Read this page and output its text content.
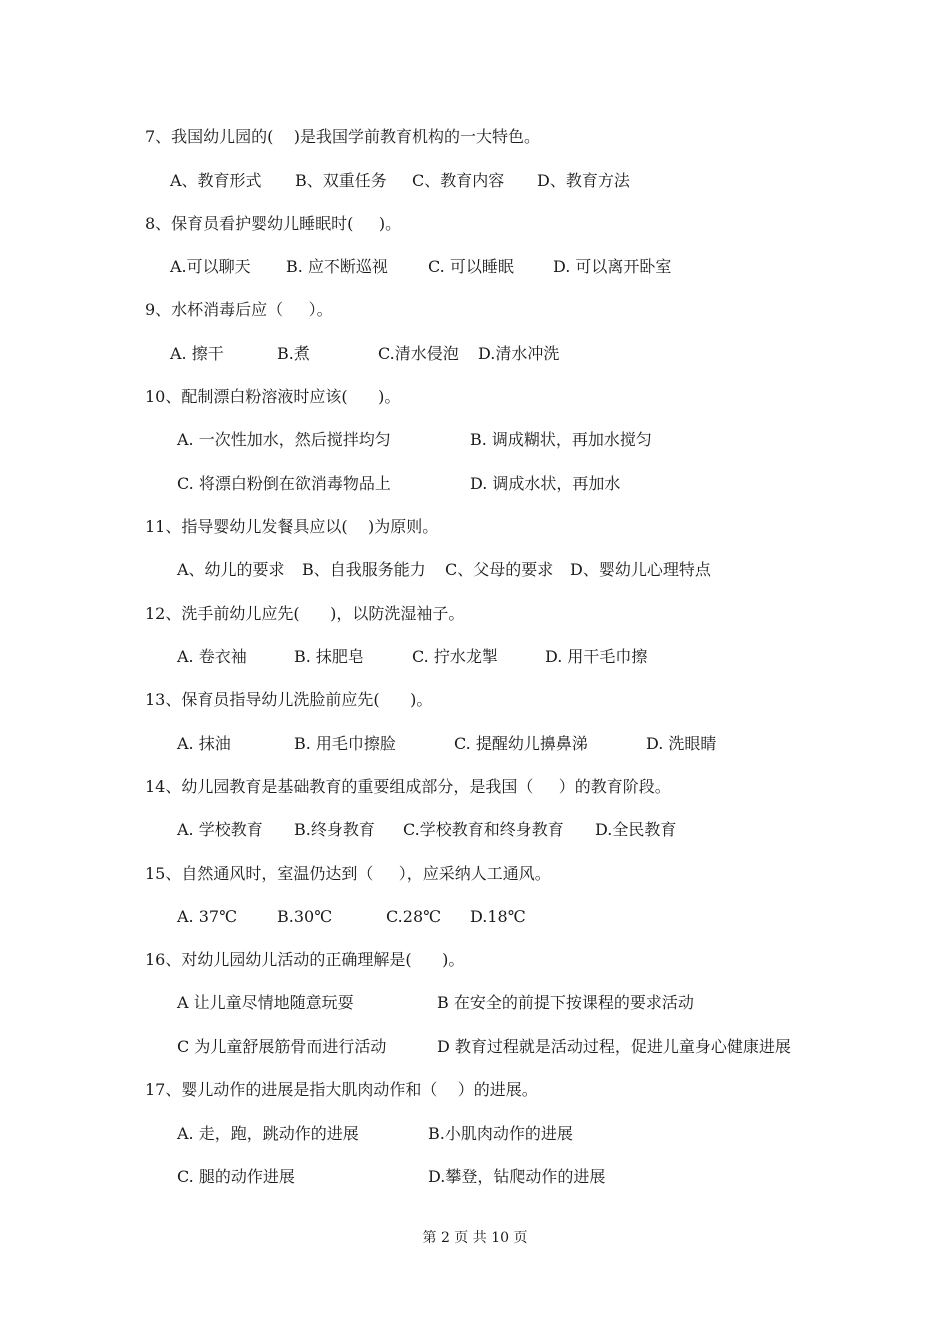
7、我国幼儿园的(    )是我国学前教育机构的一大特色。
A、教育形式 B、双重任务 C、教育内容 D、教育方法
8、保育员看护婴幼儿睡眠时(     )。
A.可以聊天 B. 应不断巡视	C. 可以睡眠 D. 可以离开卧室
9、水杯消毒后应（     ）。
A. 擦干	B.煮	C.清水侵泡 D.清水冲洗
10、配制漂白粉溶液时应该(      )。
A. 一次性加水，然后搅拌均匀	B. 调成糊状，再加水搅匀
C. 将漂白粉倒在欲消毒物品上	D. 调成水状，再加水
11、指导婴幼儿发餐具应以(    )为原则。
A、幼儿的要求 B、自我服务能力 C、父母的要求 D、婴幼儿心理特点
12、洗手前幼儿应先(      )，以防洗湿袖子。
A. 卷衣袖	B. 抹肥皂	C. 拧水龙掣	D. 用干毛巾擦
13、保育员指导幼儿洗脸前应先(      )。
A. 抹油	B. 用毛巾擦脸	C. 提醒幼儿擤鼻涕	D. 洗眼睛
14、幼儿园教育是基础教育的重要组成部分，是我国（     ）的教育阶段。
A. 学校教育 B.终身教育 C.学校教育和终身教育 D.全民教育
15、自然通风时，室温仍达到（     ），应采纳人工通风。
A. 37℃	B.30℃	C.28℃ D.18℃
16、对幼儿园幼儿活动的正确理解是(      )。
A 让儿童尽情地随意玩耍	B 在安全的前提下按课程的要求活动
C 为儿童舒展筋骨而进行活动	D 教育过程就是活动过程，促进儿童身心健康进展
17、婴儿动作的进展是指大肌肉动作和（    ）的进展。
A. 走，跑，跳动作的进展	B.小肌肉动作的进展
C. 腿的动作进展	D.攀登，钻爬动作的进展
第 2 页 共 10 页
